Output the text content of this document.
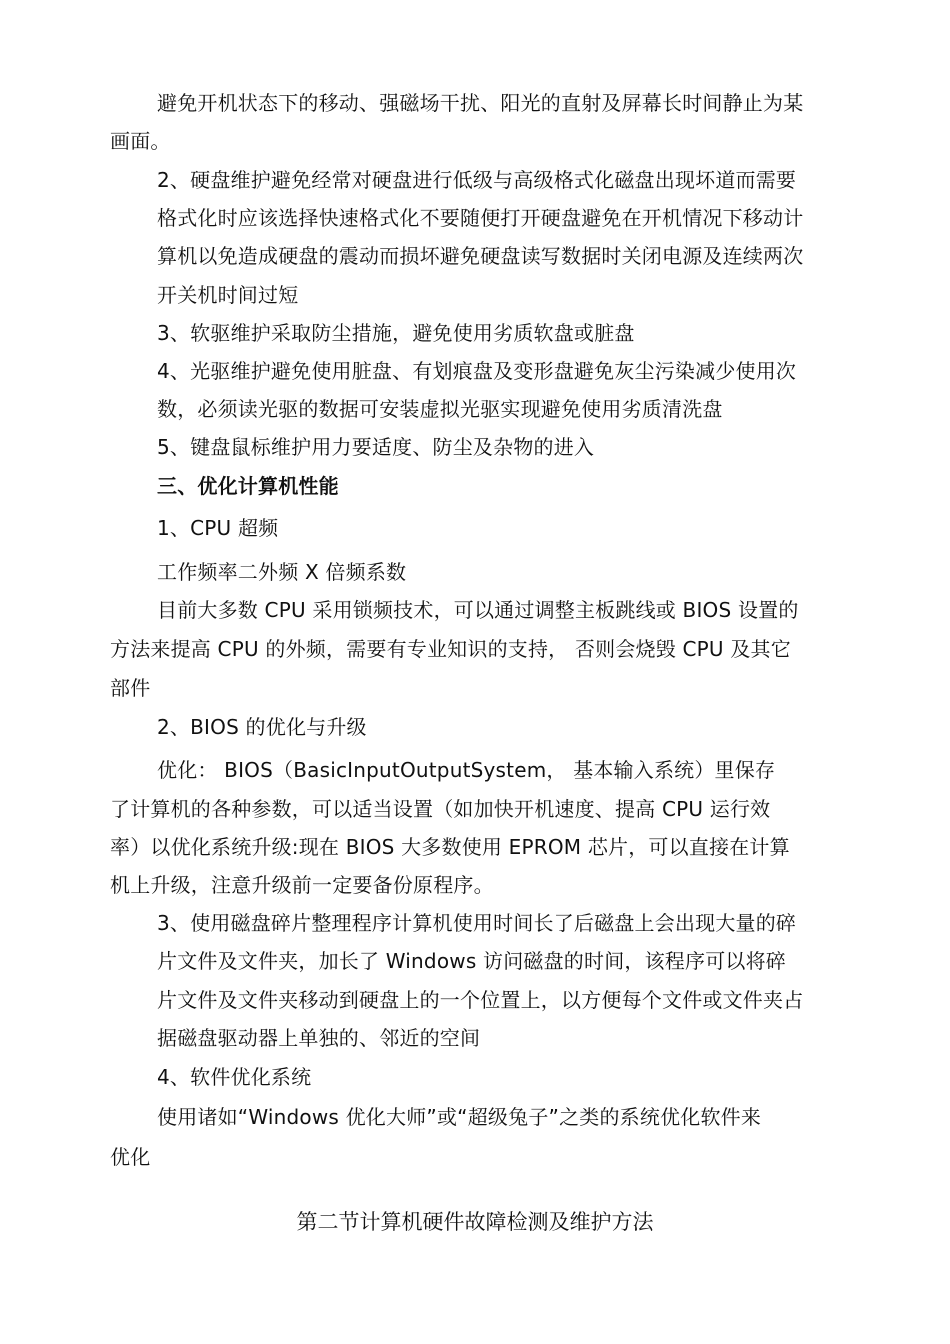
避免开机状态下的移动、强磁场干扰、阳光的直射及屏幕长时间静止为某
画面。
2、硬盘维护避免经常对硬盘进行低级与高级格式化磁盘出现坏道而需要
格式化时应该选择快速格式化不要随便打开硬盘避免在开机情况下移动计
算机以免造成硬盘的震动而损坏避免硬盘读写数据时关闭电源及连续两次
开关机时间过短
3、软驱维护采取防尘措施，避免使用劣质软盘或脏盘
4、光驱维护避免使用脏盘、有划痕盘及变形盘避免灰尘污染减少使用次
数，必须读光驱的数据可安装虚拟光驱实现避免使用劣质清洗盘
5、键盘鼠标维护用力要适度、防尘及杂物的进入
三、优化计算机性能
1、CPU 超频
工作频率二外频 X 倍频系数
目前大多数 CPU 采用锁频技术，可以通过调整主板跳线或 BIOS 设置的
方法来提高 CPU 的外频，需要有专业知识的支持， 否则会烧毁 CPU 及其它
部件
2、BIOS 的优化与升级
优化： BIOS（BasicInputOutputSystem， 基本输入系统）里保存
了计算机的各种参数，可以适当设置（如加快开机速度、提高 CPU 运行效
率）以优化系统升级:现在 BIOS 大多数使用 EPROM 芯片，可以直接在计算
机上升级，注意升级前一定要备份原程序。
3、使用磁盘碎片整理程序计算机使用时间长了后磁盘上会出现大量的碎
片文件及文件夹，加长了 Windows 访问磁盘的时间，该程序可以将碎
片文件及文件夹移动到硬盘上的一个位置上，以方便每个文件或文件夹占
据磁盘驱动器上单独的、邻近的空间
4、软件优化系统
使用诸如“Windows 优化大师”或“超级兔子”之类的系统优化软件来
优化
第二节计算机硬件故障检测及维护方法
